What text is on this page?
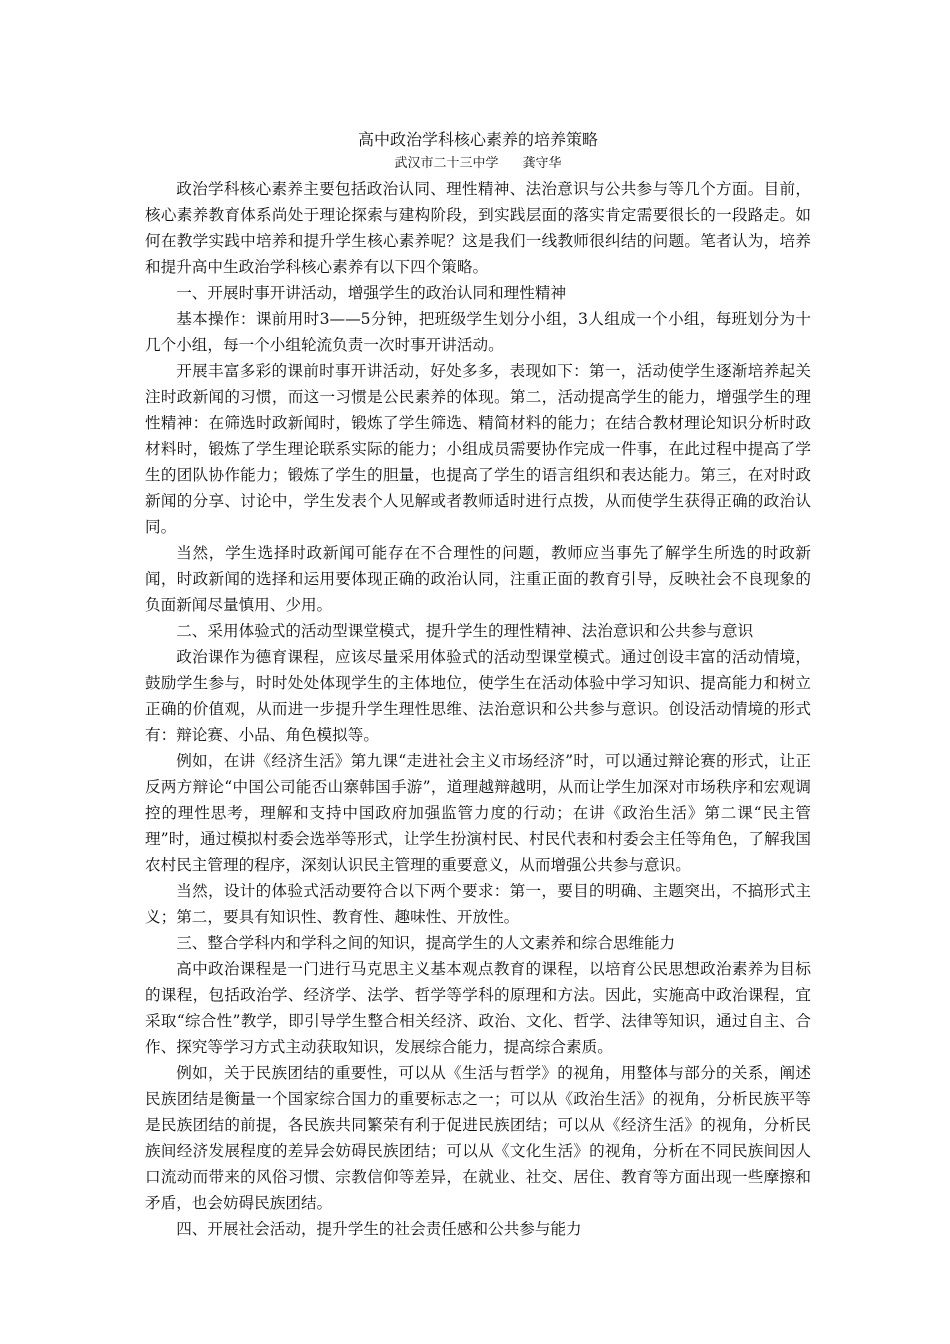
高中政治学科核心素养的培养策略
武汉市二十三中学 龚守华

政治学科核心素养主要包括政治认同、理性精神、法治意识与公共参与等几个方面。目前，核心素养教育体系尚处于理论探索与建构阶段，到实践层面的落实肯定需要很长的一段路走。如何在教学实践中培养和提升学生核心素养呢？这是我们一线教师很纠结的问题。笔者认为，培养和提升高中生政治学科核心素养有以下四个策略。

一、开展时事开讲活动，增强学生的政治认同和理性精神

基本操作：课前用时3——5分钟，把班级学生划分小组，3人组成一个小组，每班划分为十几个小组，每一个小组轮流负责一次时事开讲活动。

开展丰富多彩的课前时事开讲活动，好处多多，表现如下：第一，活动使学生逐渐培养起关注时政新闻的习惯，而这一习惯是公民素养的体现。第二，活动提高学生的能力，增强学生的理性精神：在筛选时政新闻时，锻炼了学生筛选、精简材料的能力；在结合教材理论知识分析时政材料时，锻炼了学生理论联系实际的能力；小组成员需要协作完成一件事，在此过程中提高了学生的团队协作能力；锻炼了学生的胆量，也提高了学生的语言组织和表达能力。第三，在对时政新闻的分享、讨论中，学生发表个人见解或者教师适时进行点拨，从而使学生获得正确的政治认同。

当然，学生选择时政新闻可能存在不合理性的问题，教师应当事先了解学生所选的时政新闻，时政新闻的选择和运用要体现正确的政治认同，注重正面的教育引导，反映社会不良现象的负面新闻尽量慎用、少用。

二、采用体验式的活动型课堂模式，提升学生的理性精神、法治意识和公共参与意识

政治课作为德育课程，应该尽量采用体验式的活动型课堂模式。通过创设丰富的活动情境，鼓励学生参与，时时处处体现学生的主体地位，使学生在活动体验中学习知识、提高能力和树立正确的价值观，从而进一步提升学生理性思维、法治意识和公共参与意识。创设活动情境的形式有：辩论赛、小品、角色模拟等。

例如，在讲《经济生活》第九课“走进社会主义市场经济”时，可以通过辩论赛的形式，让正反两方辩论“中国公司能否山寨韩国手游”，道理越辩越明，从而让学生加深对市场秩序和宏观调控的理性思考，理解和支持中国政府加强监管力度的行动；在讲《政治生活》第二课“民主管理”时，通过模拟村委会选举等形式，让学生扮演村民、村民代表和村委会主任等角色，了解我国农村民主管理的程序，深刻认识民主管理的重要意义，从而增强公共参与意识。

当然，设计的体验式活动要符合以下两个要求：第一，要目的明确、主题突出，不搞形式主义；第二，要具有知识性、教育性、趣味性、开放性。

三、整合学科内和学科之间的知识，提高学生的人文素养和综合思维能力

高中政治课程是一门进行马克思主义基本观点教育的课程，以培育公民思想政治素养为目标的课程，包括政治学、经济学、法学、哲学等学科的原理和方法。因此，实施高中政治课程，宜采取“综合性”教学，即引导学生整合相关经济、政治、文化、哲学、法律等知识，通过自主、合作、探究等学习方式主动获取知识，发展综合能力，提高综合素质。

例如，关于民族团结的重要性，可以从《生活与哲学》的视角，用整体与部分的关系，阐述民族团结是衡量一个国家综合国力的重要标志之一；可以从《政治生活》的视角，分析民族平等是民族团结的前提，各民族共同繁荣有利于促进民族团结；可以从《经济生活》的视角，分析民族间经济发展程度的差异会妨碍民族团结；可以从《文化生活》的视角，分析在不同民族间因人口流动而带来的风俗习惯、宗教信仰等差异，在就业、社交、居住、教育等方面出现一些摩擦和矛盾，也会妨碍民族团结。

四、开展社会活动，提升学生的社会责任感和公共参与能力
